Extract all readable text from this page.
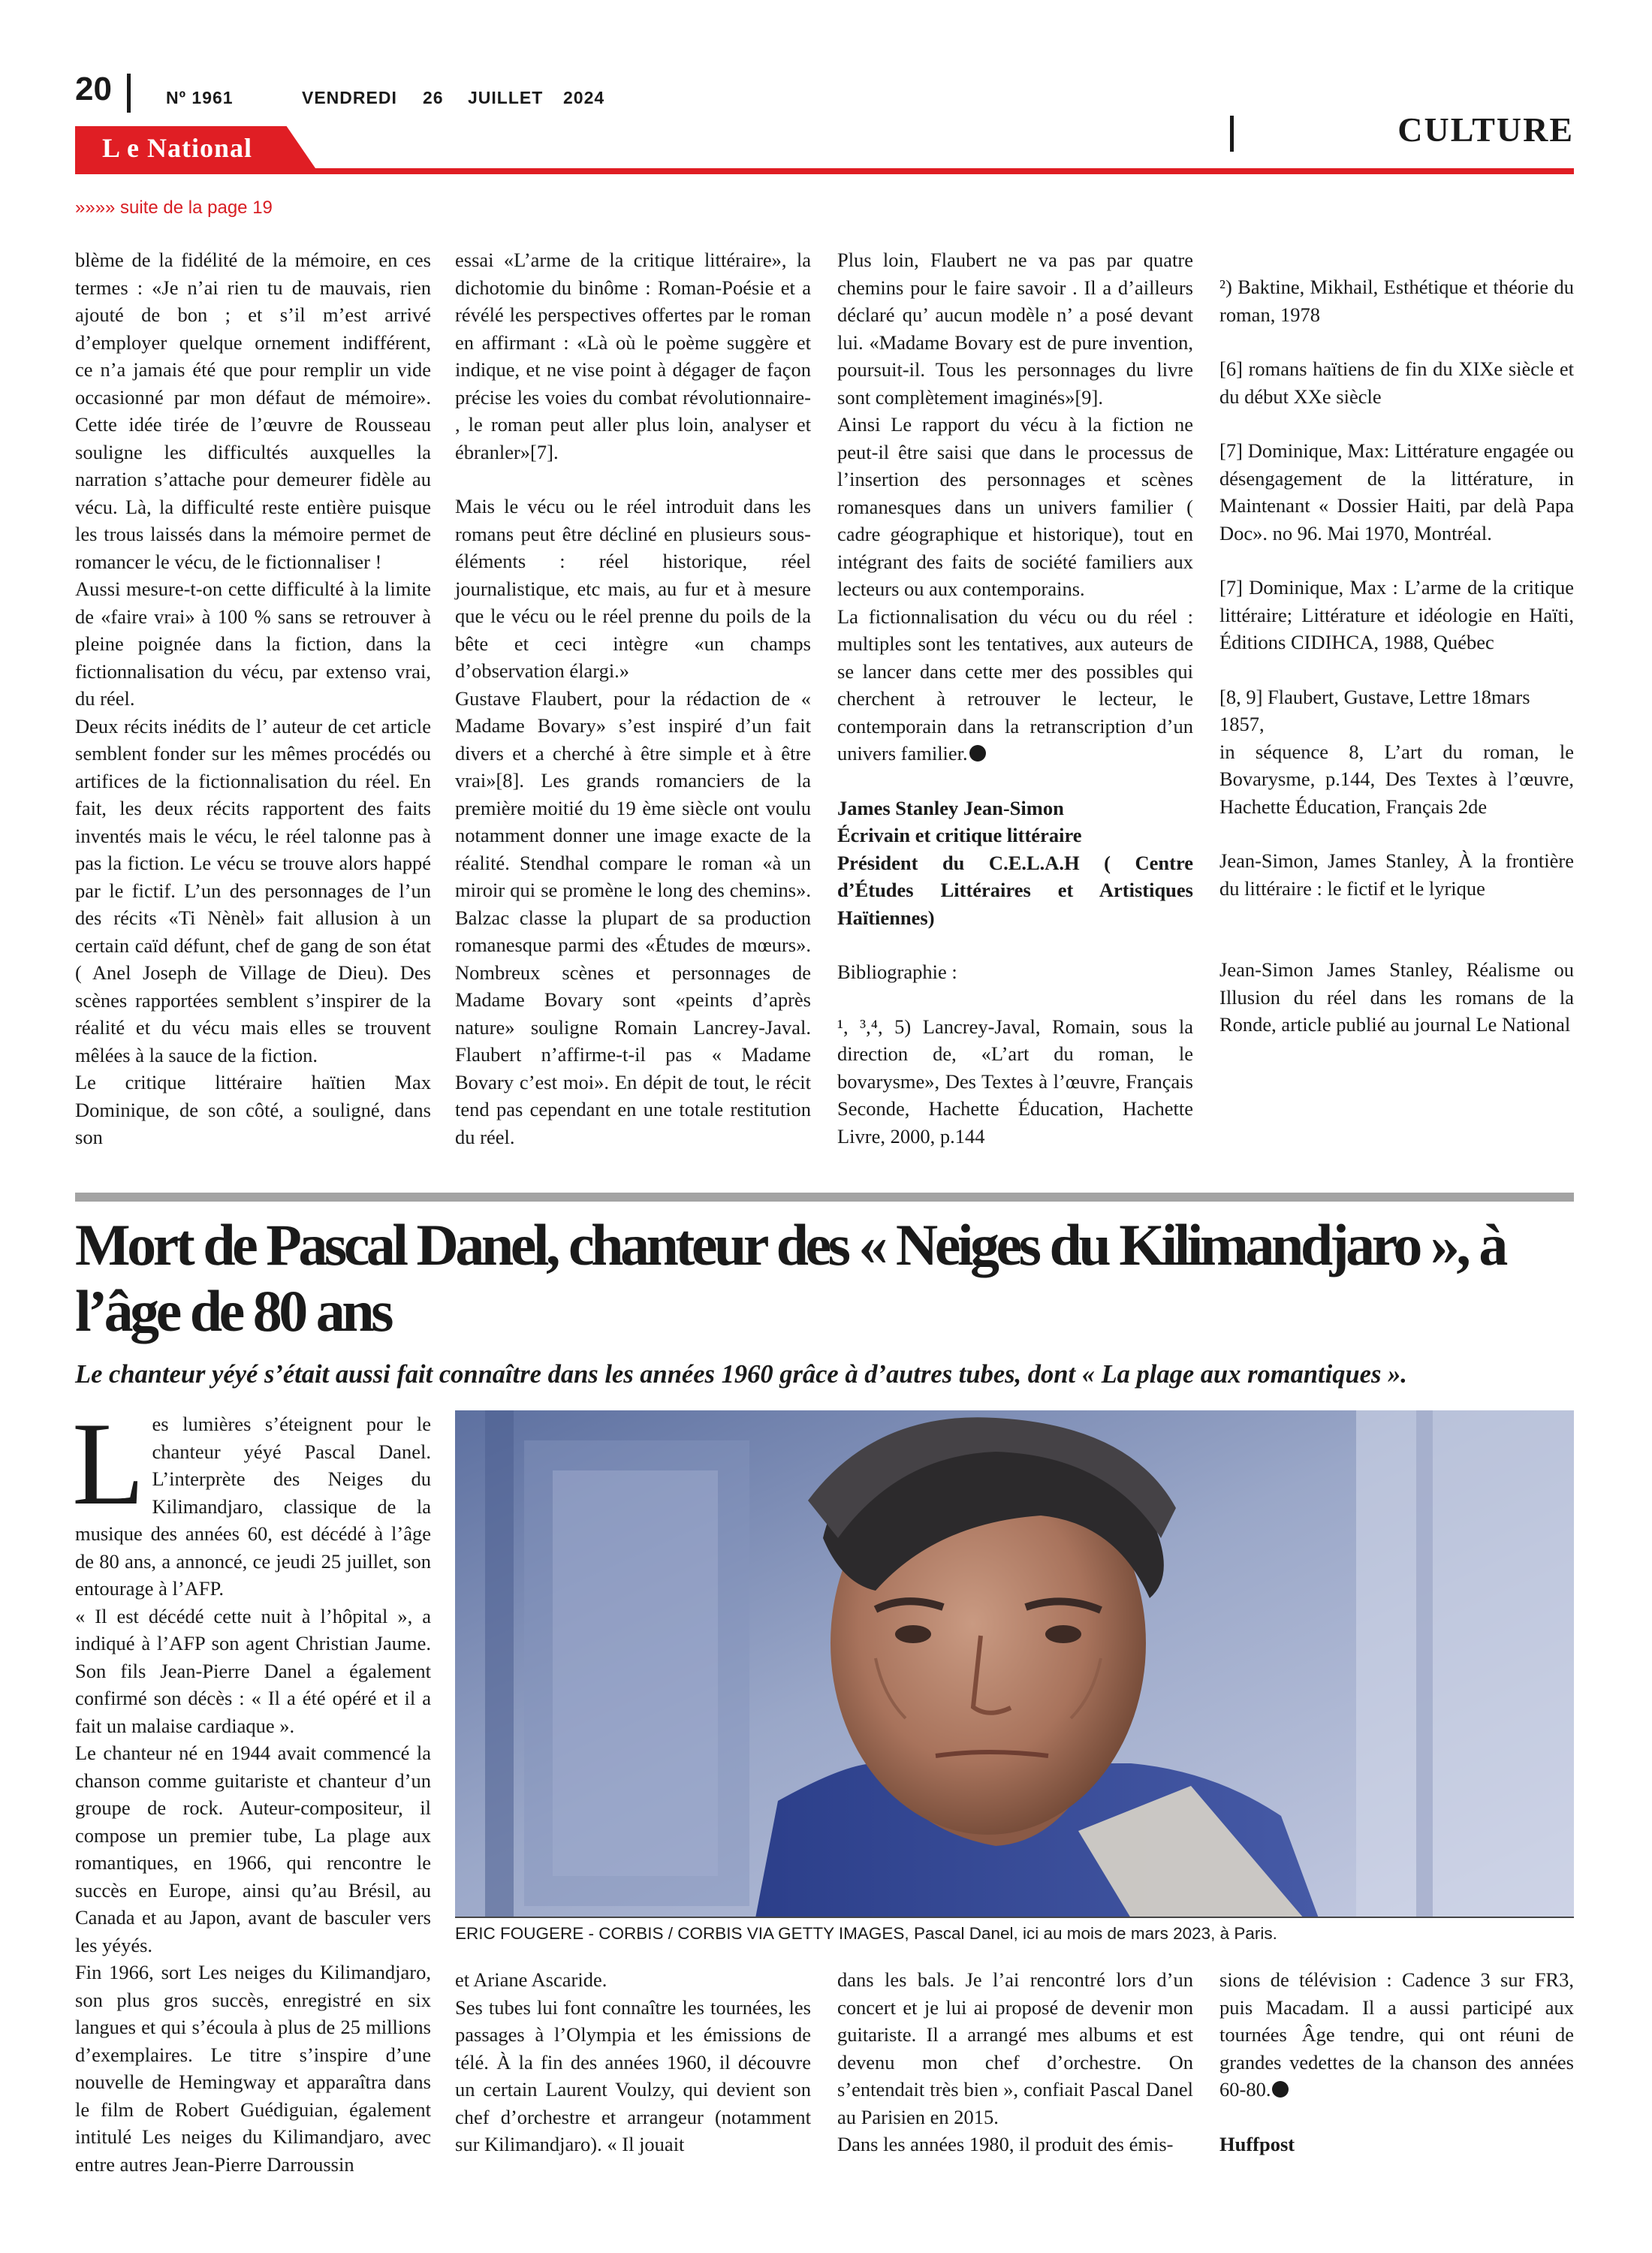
20	Nº 1961	VENDREDI 26 JUILLET 2024
CULTURE
L e National
»»»» suite de la page 19

blème de la fidélité de la mémoire, en ces termes : «Je n’ai rien tu de mauvais, rien ajouté de bon ; et s’il m’est arrivé d’employer quelque ornement indifférent, ce n’a jamais été que pour remplir un vide occasionné par mon défaut de mémoire». Cette idée tirée de l’œuvre de Rousseau souligne les difficultés auxquelles la narration s’attache pour demeurer fidèle au vécu. Là, la difficulté reste entière puisque les trous laissés dans la mémoire permet de romancer le vécu, de le fictionnaliser !

Aussi mesure-t-on cette difficulté à la limite de «faire vrai» à 100 % sans se retrouver à pleine poignée dans la fiction, dans la fictionnalisation du vécu, par extenso vrai, du réel.

Deux récits inédits de l’ auteur de cet article semblent fonder sur les mêmes procédés ou artifices de la fictionnalisation du réel. En fait, les deux récits rapportent des faits inventés mais le vécu, le réel talonne pas à pas la fiction. Le vécu se trouve alors happé par le fictif. L’un des personnages de l’un des récits «Ti Nènèl» fait allusion à un certain caïd défunt, chef de gang de son état ( Anel Joseph de Village de Dieu). Des scènes rapportées semblent s’inspirer de la réalité et du vécu mais elles se trouvent mêlées à la sauce de la fiction.

Le critique littéraire haïtien Max Dominique, de son côté, a souligné, dans son

essai «L’arme de la critique littéraire», la dichotomie du binôme : Roman-Poésie et a révélé les perspectives offertes par le roman en affirmant : «Là où le poème suggère et indique, et ne vise point à dégager de façon précise les voies du combat révolutionnaire- , le roman peut aller plus loin, analyser et ébranler»[7].

Mais le vécu ou le réel introduit dans les romans peut être décliné en plusieurs sous-éléments : réel historique, réel journalistique, etc mais, au fur et à mesure que le vécu ou le réel prenne du poils de la bête et ceci intègre «un champs d’observation élargi.»

Gustave Flaubert, pour la rédaction de « Madame Bovary» s’est inspiré d’un fait divers et a cherché à être simple et à être vrai»[8]. Les grands romanciers de la première moitié du 19 ème siècle ont voulu notamment donner une image exacte de la réalité. Stendhal compare le roman «à un miroir qui se promène le long des chemins». Balzac classe la plupart de sa production romanesque parmi des «Études de mœurs». Nombreux scènes et personnages de Madame Bovary sont «peints d’après nature» souligne Romain Lancrey-Javal. Flaubert n’affirme-t-il pas « Madame Bovary c’est moi». En dépit de tout, le récit tend pas cependant en une totale restitution du réel.

Plus loin, Flaubert ne va pas par quatre chemins pour le faire savoir . Il a d’ailleurs déclaré qu’ aucun modèle n’ a posé devant lui. «Madame Bovary est de pure invention, poursuit-il. Tous les personnages du livre sont complètement imaginés»[9].

Ainsi Le rapport du vécu à la fiction ne peut-il être saisi que dans le processus de l’insertion des personnages et scènes romanesques dans un univers familier ( cadre géographique et historique), tout en intégrant des faits de société familiers aux lecteurs ou aux contemporains.

La fictionnalisation du vécu ou du réel : multiples sont les tentatives, aux auteurs de se lancer dans cette mer des possibles qui cherchent à retrouver le lecteur, le contemporain dans la retranscription d’un univers familier.

James Stanley Jean-Simon

Écrivain et critique littéraire

Président du C.E.L.A.H ( Centre d’Études Littéraires et Artistiques Haïtiennes)

Bibliographie :

¹, ³,⁴, 5) Lancrey-Javal, Romain, sous la direction de, «L’art du roman, le bovarysme», Des Textes à l’œuvre, Français Seconde, Hachette Éducation, Hachette Livre, 2000, p.144

²) Baktine, Mikhail, Esthétique et théorie du roman, 1978

[6] romans haïtiens de fin du XIXe siècle et du début XXe siècle

[7] Dominique, Max: Littérature engagée ou désengagement de la littérature, in Maintenant « Dossier Haiti, par delà Papa Doc». no 96. Mai 1970, Montréal.

[7] Dominique, Max : L’arme de la critique littéraire; Littérature et idéologie en Haïti, Éditions CIDIHCA, 1988, Québec

[8, 9] Flaubert, Gustave, Lettre 18mars 1857,

in séquence 8, L’art du roman, le Bovarysme, p.144, Des Textes à l’œuvre, Hachette Éducation, Français 2de

Jean-Simon, James Stanley, À la frontière du littéraire : le fictif et le lyrique

Jean-Simon James Stanley, Réalisme ou Illusion du réel dans les romans de la Ronde, article publié au journal Le National

Mort de Pascal Danel, chanteur des « Neiges du Kilimandjaro », à l’âge de 80 ans

Le chanteur yéyé s’était aussi fait connaître dans les années 1960 grâce à d’autres tubes, dont « La plage aux romantiques ».

Les lumières s’éteignent pour le chanteur yéyé Pascal Danel. L’interprète des Neiges du Kilimandjaro, classique de la musique des années 60, est décédé à l’âge de 80 ans, a annoncé, ce jeudi 25 juillet, son entourage à l’AFP.

« Il est décédé cette nuit à l’hôpital », a indiqué à l’AFP son agent Christian Jaume. Son fils Jean-Pierre Danel a également confirmé son décès : « Il a été opéré et il a fait un malaise cardiaque ».

Le chanteur né en 1944 avait commencé la chanson comme guitariste et chanteur d’un groupe de rock. Auteur-compositeur, il compose un premier tube, La plage aux romantiques, en 1966, qui rencontre le succès en Europe, ainsi qu’au Brésil, au Canada et au Japon, avant de basculer vers les yéyés.

Fin 1966, sort Les neiges du Kilimandjaro, son plus gros succès, enregistré en six langues et qui s’écoula à plus de 25 millions d’exemplaires. Le titre s’inspire d’une nouvelle de Hemingway et apparaîtra dans le film de Robert Guédiguian, également intitulé Les neiges du Kilimandjaro, avec entre autres Jean-Pierre Darroussin

ERIC FOUGERE - CORBIS / CORBIS VIA GETTY IMAGES, Pascal Danel, ici au mois de mars 2023, à Paris.

et Ariane Ascaride.

Ses tubes lui font connaître les tournées, les passages à l’Olympia et les émissions de télé. À la fin des années 1960, il découvre un certain Laurent Voulzy, qui devient son chef d’orchestre et arrangeur (notamment sur Kilimandjaro). « Il jouait

dans les bals. Je l’ai rencontré lors d’un concert et je lui ai proposé de devenir mon guitariste. Il a arrangé mes albums et est devenu mon chef d’orchestre. On s’entendait très bien », confiait Pascal Danel au Parisien en 2015.

Dans les années 1980, il produit des émis-

sions de télévision : Cadence 3 sur FR3, puis Macadam. Il a aussi participé aux tournées Âge tendre, qui ont réuni de grandes vedettes de la chanson des années 60-80.

Huffpost
